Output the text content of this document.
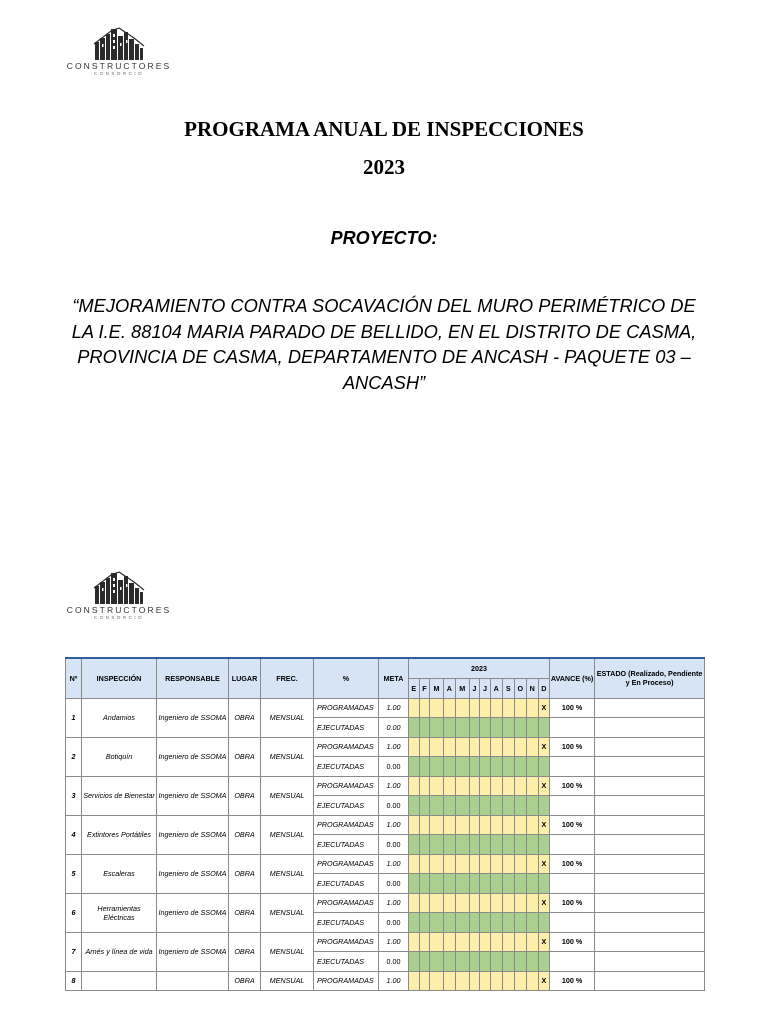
CONSTRUCTORES
CONSORCIO
PROGRAMA ANUAL DE INSPECCIONES
2023
PROYECTO:
“MEJORAMIENTO CONTRA SOCAVACIÓN DEL MURO PERIMÉTRICO DE LA I.E. 88104 MARIA PARADO DE BELLIDO, EN EL DISTRITO DE CASMA, PROVINCIA DE CASMA, DEPARTAMENTO DE ANCASH - PAQUETE 03 – ANCASH”
CONSTRUCTORES
CONSORCIO
Nº	INSPECCIÓN	RESPONSABLE	LUGAR	FREC.	%	META	2023												AVANCE (%)	ESTADO (Realizado, Pendiente y En Proceso)
							E	F	M	A	M	J	J	A	S	O	N	D		
1	Andamios	Ingeniero de SSOMA	OBRA	MENSUAL	PROGRAMADAS	1.00												X	100 %	
					EJECUTADAS	0.00														
2	Botiquín	Ingeniero de SSOMA	OBRA	MENSUAL	PROGRAMADAS	1.00												X	100 %	
					EJECUTADAS	0.00														
3	Servicios de Bienestar	Ingeniero de SSOMA	OBRA	MENSUAL	PROGRAMADAS	1.00												X	100 %	
					EJECUTADAS	0.00														
4	Extintores Portátiles	Ingeniero de SSOMA	OBRA	MENSUAL	PROGRAMADAS	1.00												X	100 %	
					EJECUTADAS	0.00														
5	Escaleras	Ingeniero de SSOMA	OBRA	MENSUAL	PROGRAMADAS	1.00												X	100 %	
					EJECUTADAS	0.00														
6	Herramientas Eléctricas	Ingeniero de SSOMA	OBRA	MENSUAL	PROGRAMADAS	1.00												X	100 %	
					EJECUTADAS	0.00														
7	Arnés y línea de vida	Ingeniero de SSOMA	OBRA	MENSUAL	PROGRAMADAS	1.00												X	100 %	
					EJECUTADAS	0.00														
8			OBRA	MENSUAL	PROGRAMADAS	1.00												X	100 %	
